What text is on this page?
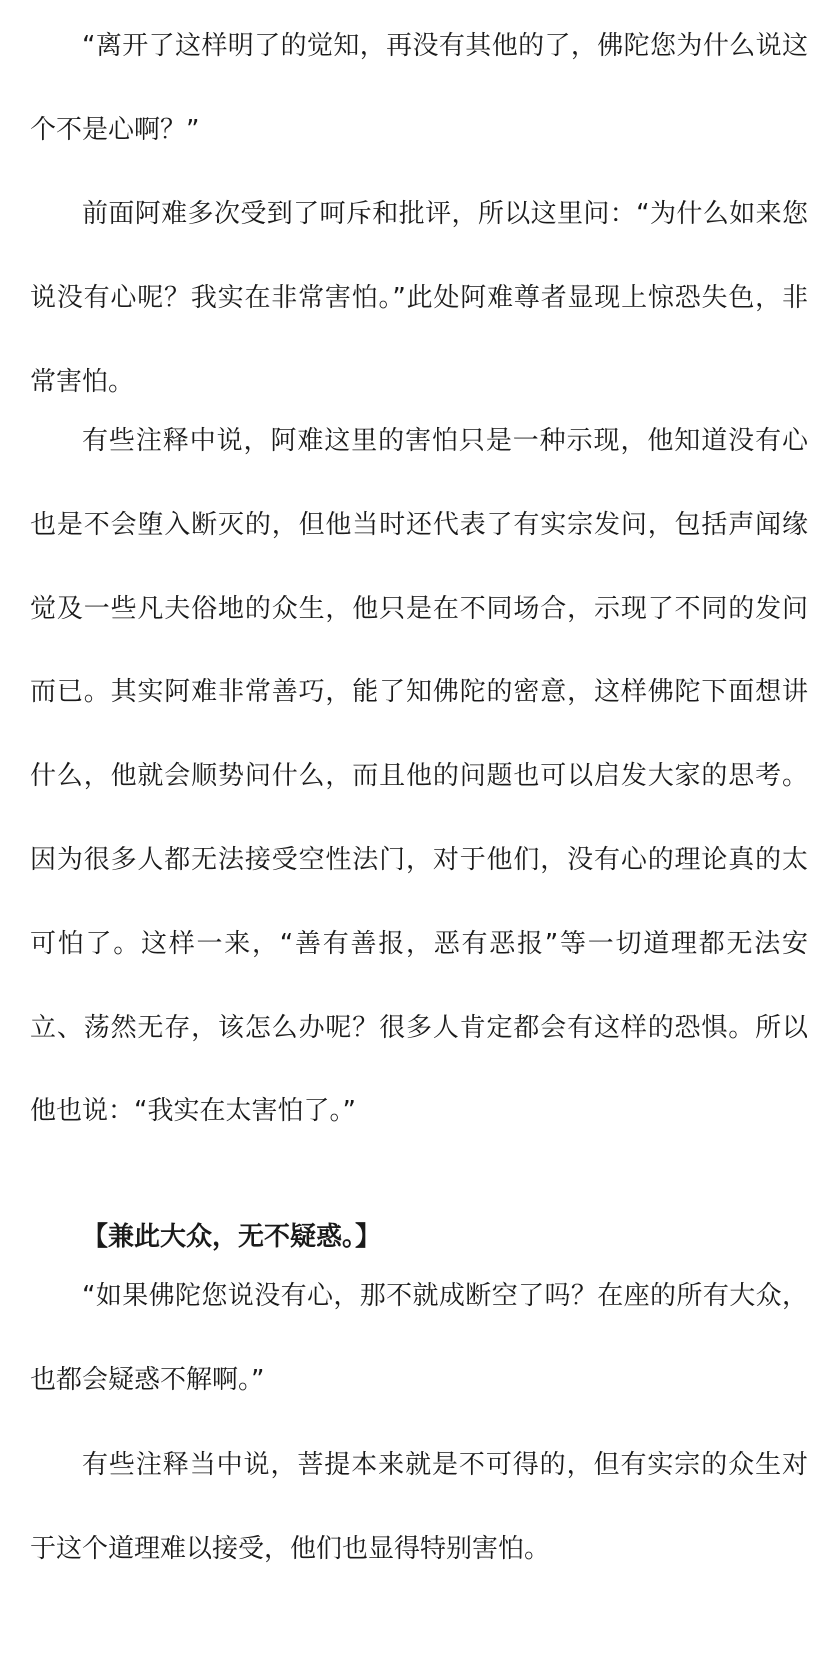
“离开了这样明了的觉知，再没有其他的了，佛陀您为什么说这个不是心啊？”

前面阿难多次受到了呵斥和批评，所以这里问：“为什么如来您说没有心呢？我实在非常害怕。”此处阿难尊者显现上惊恐失色，非常害怕。

有些注释中说，阿难这里的害怕只是一种示现，他知道没有心也是不会堕入断灭的，但他当时还代表了有实宗发问，包括声闻缘觉及一些凡夫俗地的众生，他只是在不同场合，示现了不同的发问而已。其实阿难非常善巧，能了知佛陀的密意，这样佛陀下面想讲什么，他就会顺势问什么，而且他的问题也可以启发大家的思考。因为很多人都无法接受空性法门，对于他们，没有心的理论真的太可怕了。这样一来，“善有善报，恶有恶报”等一切道理都无法安立、荡然无存，该怎么办呢？很多人肯定都会有这样的恐惧。所以他也说：“我实在太害怕了。”

【兼此大众，无不疑惑。】

“如果佛陀您说没有心，那不就成断空了吗？在座的所有大众，也都会疑惑不解啊。”

有些注释当中说，菩提本来就是不可得的，但有实宗的众生对于这个道理难以接受，他们也显得特别害怕。
